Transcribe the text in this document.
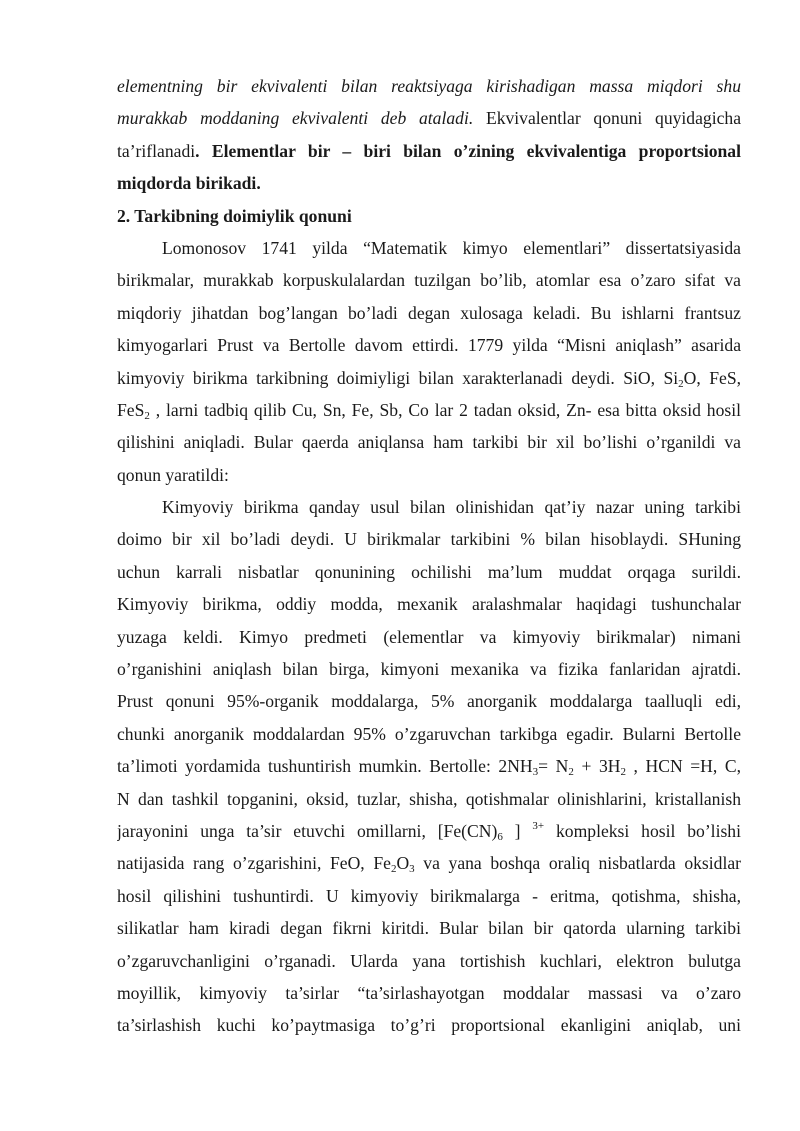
elementning bir ekvivalenti bilan reaktsiyaga kirishadigan massa miqdori shu
murakkab moddaning ekvivalenti deb ataladi. Ekvivalentlar qonuni quyidagicha
ta’riflanadi. Elementlar bir – biri bilan o’zining ekvivalentiga proportsional
miqdorda birikadi.
2. Tarkibning doimiylik qonuni
Lomonosov 1741 yilda “Matematik kimyo elementlari” dissertatsiyasida
birikmalar, murakkab korpuskulalardan tuzilgan bo’lib, atomlar esa o’zaro sifat va
miqdoriy jihatdan bog’langan bo’ladi degan xulosaga keladi. Bu ishlarni frantsuz
kimyogarlari Prust va Bertolle davom ettirdi. 1779 yilda “Misni aniqlash” asarida
kimyoviy birikma tarkibning doimiyligi bilan xarakterlanadi deydi. SiO, $Si_2O$, FeS,
FeS$_2$ , larni tadbiq qilib Cu, Sn, Fe, Sb, Co lar 2 tadan oksid, Zn- esa bitta oksid hosil
qilishini aniqladi. Bular qaerda aniqlansa ham tarkibi bir xil bo’lishi o’rganildi va
qonun yaratildi:
Kimyoviy birikma qanday usul bilan olinishidan qat’iy nazar uning tarkibi
doimo bir xil bo’ladi deydi. U birikmalar tarkibini % bilan hisoblaydi. SHuning
uchun karrali nisbatlar qonunining ochilishi ma’lum muddat orqaga surildi.
Kimyoviy birikma, oddiy modda, mexanik aralashmalar haqidagi tushunchalar
yuzaga keldi. Kimyo predmeti (elementlar va kimyoviy birikmalar) nimani
o’rganishini aniqlash bilan birga, kimyoni mexanika va fizika fanlaridan ajratdi.
Prust qonuni 95%-organik moddalarga, 5% anorganik moddalarga taalluqli edi,
chunki anorganik moddalardan 95% o’zgaruvchan tarkibga egadir. Bularni Bertolle
ta’limoti yordamida tushuntirish mumkin. Bertolle: $2NH_3= N_2 + 3H_2$ , HCN =H, C,
N dan tashkil topganini, oksid, tuzlar, shisha, qotishmalar olinishlarini, kristallanish
jarayonini unga ta’sir etuvchi omillarni, [$Fe(CN)_6$ ] $^{3+}$ kompleksi hosil bo’lishi
natijasida rang o’zgarishini, FeO, $Fe_2O_3$ va yana boshqa oraliq nisbatlarda oksidlar
hosil qilishini tushuntirdi. U kimyoviy birikmalarga - eritma, qotishma, shisha,
silikatlar ham kiradi degan fikrni kiritdi. Bular bilan bir qatorda ularning tarkibi
o’zgaruvchanligini o’rganadi. Ularda yana tortishish kuchlari, elektron bulutga
moyillik, kimyoviy ta’sirlar “ta’sirlashayotgan moddalar massasi va o’zaro
ta’sirlashish kuchi ko’paytmasiga to’g’ri proportsional ekanligini aniqlab, uni
